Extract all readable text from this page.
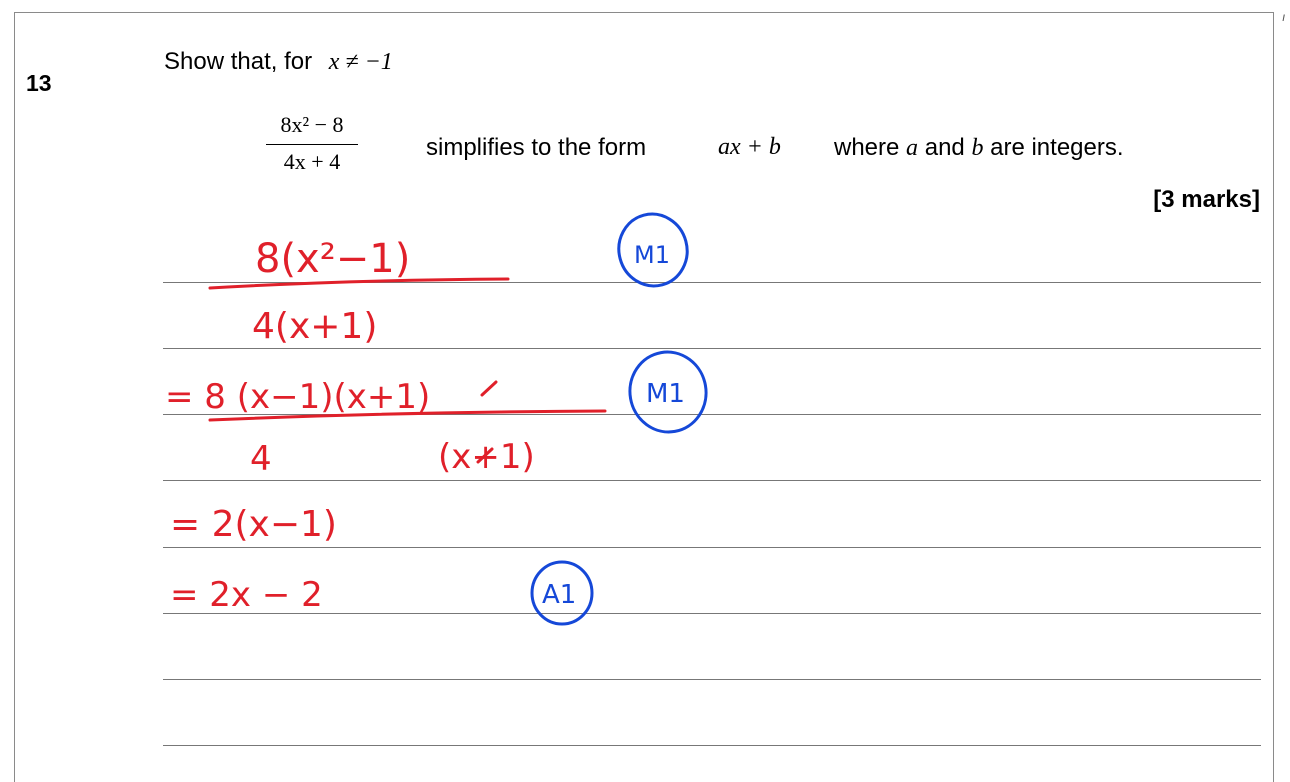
ı
13
Show that, for x ≠ −1
8x² − 8
4x + 4
simplifies to the form	ax + b where a and b are integers.
[3 marks]
8(x²−1)
4(x+1)
= 8 (x−1)(x+1)
4	(x+1)
= 2(x−1)
= 2x − 2
M1
M1
A1
